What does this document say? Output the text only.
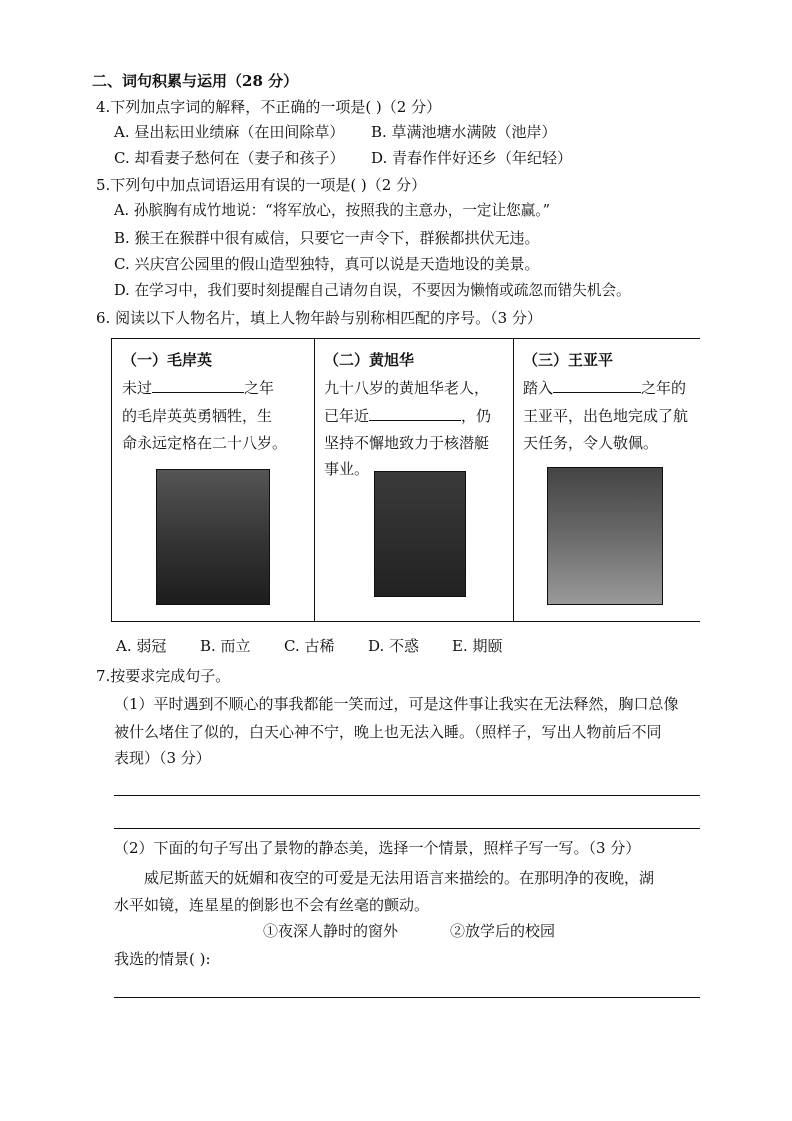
二、词句积累与运用（28 分）
4.下列加点字词的解释，不正确的一项是( )（2 分）
A. 昼出耘田业绩麻（在田间除草） B. 草满池塘水满陂（池岸）
C. 却看妻子愁何在（妻子和孩子） D. 青春作伴好还乡（年纪轻）
5.下列句中加点词语运用有误的一项是( )（2 分）
A. 孙膑胸有成竹地说：“将军放心，按照我的主意办，一定让您赢。”
B. 猴王在猴群中很有威信，只要它一声令下，群猴都拱伏无违。
C. 兴庆宫公园里的假山造型独特，真可以说是天造地设的美景。
D. 在学习中，我们要时刻提醒自己请勿自误，不要因为懒惰或疏忽而错失机会。
6. 阅读以下人物名片，填上人物年龄与别称相匹配的序号。（3 分）
（一）毛岸英
未过	之年
的毛岸英英勇牺牲，生
命永远定格在二十八岁。
（二）黄旭华
九十八岁的黄旭华老人，
已年近	，仍
坚持不懈地致力于核潜艇
事业。
（三）王亚平
踏入	之年的
王亚平，出色地完成了航
天任务，令人敬佩。
A. 弱冠 B. 而立 C. 古稀 D. 不惑 E. 期颐
7.按要求完成句子。
（1）平时遇到不顺心的事我都能一笑而过，可是这件事让我实在无法释然，胸口总像
被什么堵住了似的，白天心神不宁，晚上也无法入睡。（照样子，写出人物前后不同
表现）（3 分）
（2）下面的句子写出了景物的静态美，选择一个情景，照样子写一写。（3 分）
威尼斯蓝天的妩媚和夜空的可爱是无法用语言来描绘的。在那明净的夜晚，湖
水平如镜，连星星的倒影也不会有丝毫的颤动。
①夜深人静时的窗外	②放学后的校园
我选的情景( ):
